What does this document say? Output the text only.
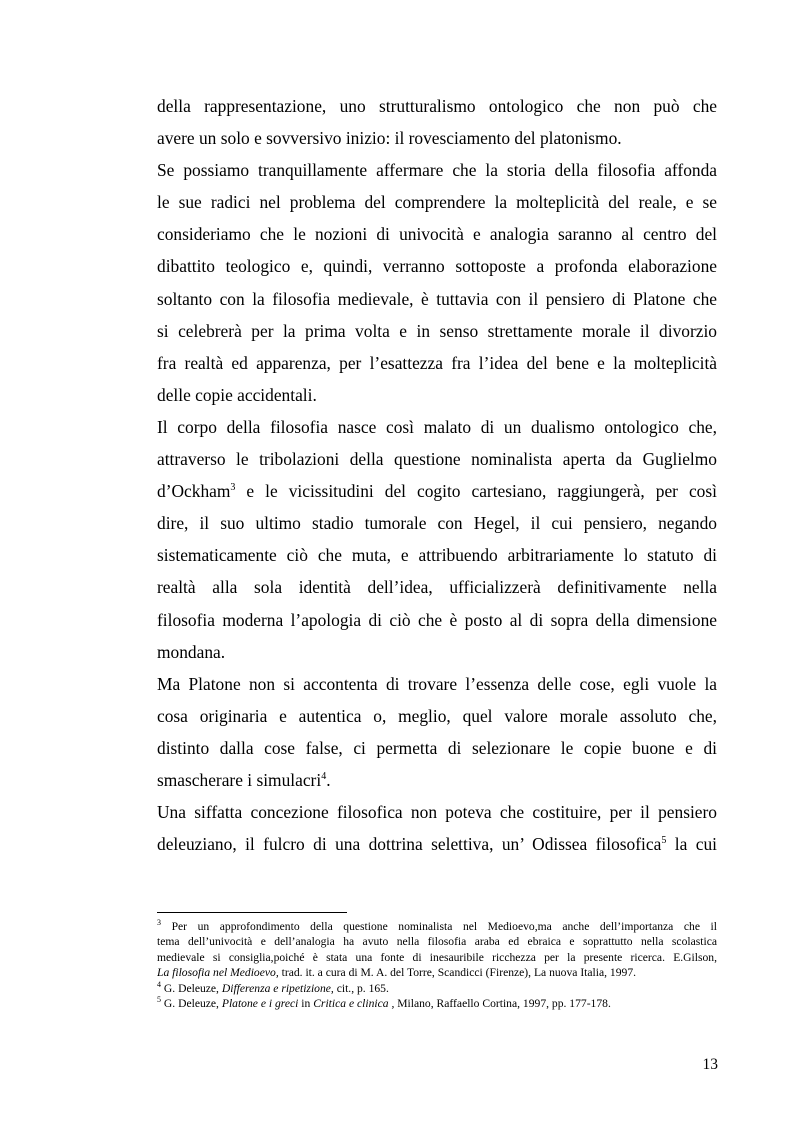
della rappresentazione, uno strutturalismo ontologico che non può che
avere un solo e sovversivo inizio: il rovesciamento del platonismo.
Se possiamo tranquillamente affermare che la storia della filosofia affonda
le sue radici nel problema del comprendere la molteplicità del reale, e se
consideriamo che le nozioni di univocità e analogia saranno al centro del
dibattito teologico e, quindi, verranno sottoposte a profonda elaborazione
soltanto con la filosofia medievale, è tuttavia con il pensiero di Platone che
si celebrerà per la prima volta e in senso strettamente morale il divorzio
fra realtà ed apparenza, per l’esattezza fra l’idea del bene e la molteplicità
delle copie accidentali.
Il corpo della filosofia nasce così malato di un dualismo ontologico che,
attraverso le tribolazioni della questione nominalista aperta da Guglielmo
d’Ockham$^3$ e le vicissitudini del cogito cartesiano, raggiungerà, per così
dire, il suo ultimo stadio tumorale con Hegel, il cui pensiero, negando
sistematicamente ciò che muta, e attribuendo arbitrariamente lo statuto di
realtà alla sola identità dell’idea, ufficializzerà definitivamente nella
filosofia moderna l’apologia di ciò che è posto al di sopra della dimensione
mondana.
Ma Platone non si accontenta di trovare l’essenza delle cose, egli vuole la
cosa originaria e autentica o, meglio, quel valore morale assoluto che,
distinto dalla cose false, ci permetta di selezionare le copie buone e di
smascherare i simulacri$^4$.
Una siffatta concezione filosofica non poteva che costituire, per il pensiero
deleuziano, il fulcro di una dottrina selettiva, un’ Odissea filosofica$^5$ la cui
$^3$ Per un approfondimento della questione nominalista nel Medioevo,ma anche dell’importanza che il
tema dell’univocità e dell’analogia ha avuto nella filosofia araba ed ebraica e soprattutto nella scolastica
medievale si consiglia,poiché è stata una fonte di inesauribile ricchezza per la presente ricerca. E.Gilson,
La filosofia nel Medioevo, trad. it. a cura di M. A. del Torre, Scandicci (Firenze), La nuova Italia, 1997.
$^4$ G. Deleuze, Differenza e ripetizione, cit., p. 165.
$^5$ G. Deleuze, Platone e i greci in Critica e clinica , Milano, Raffaello Cortina, 1997, pp. 177-178.
13
